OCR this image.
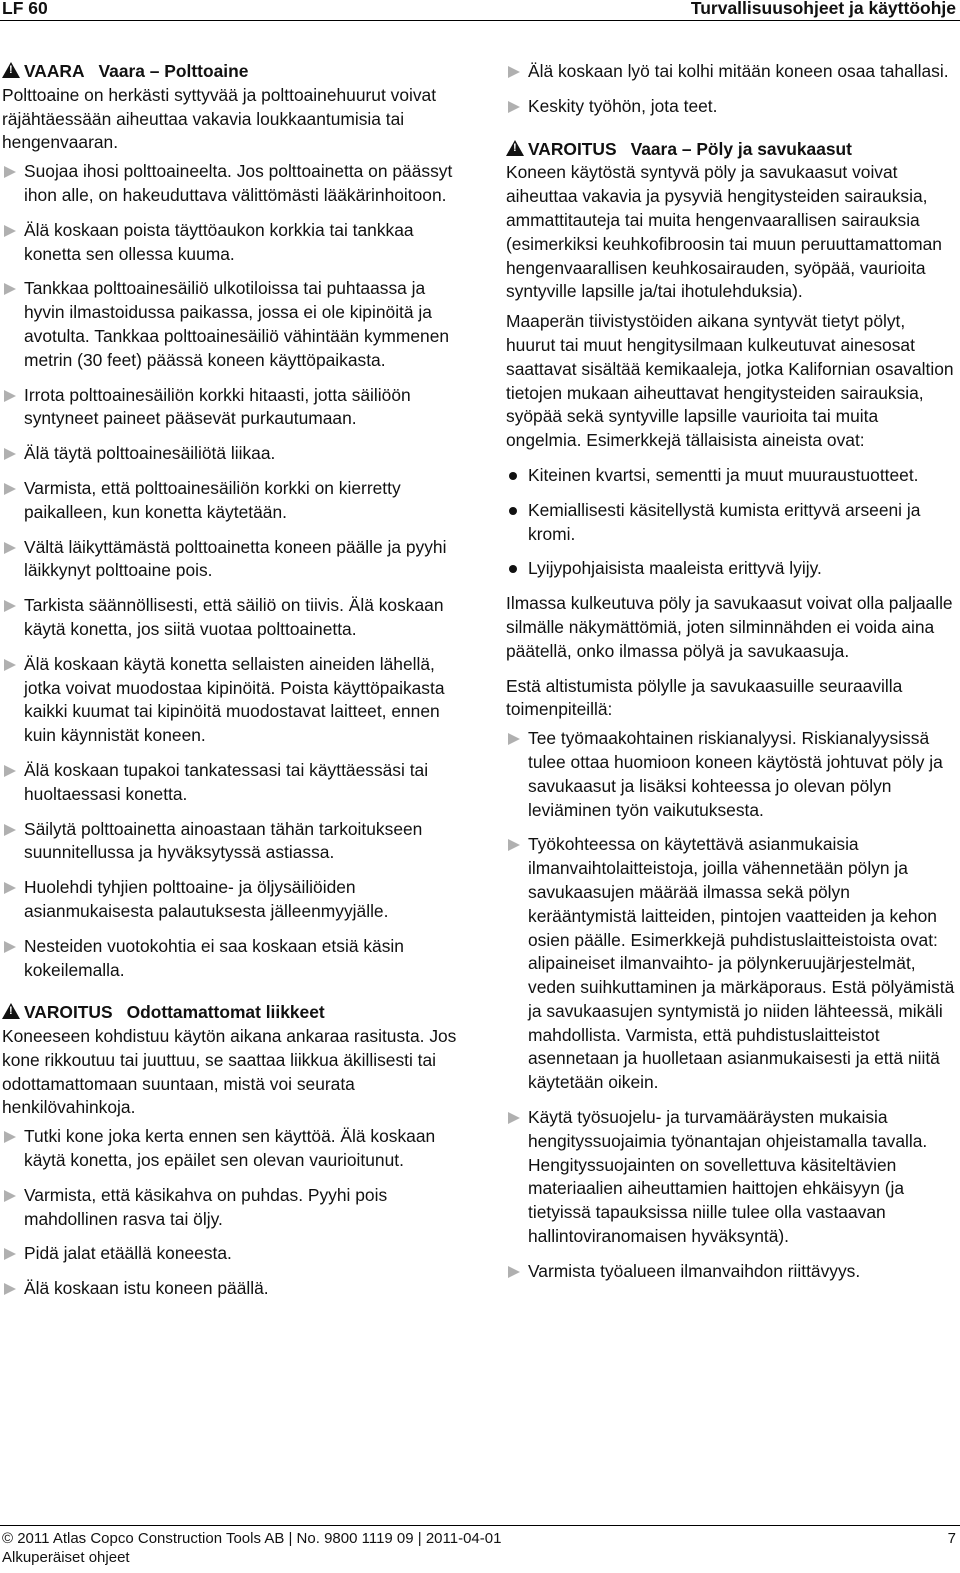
LF 60	Turvallisuusohjeet ja käyttöohje
!VAARA Vaara – Polttoaine

Polttoaine on herkästi syttyvää ja polttoainehuurut voivat räjähtäessään aiheuttaa vakavia loukkaantumisia tai hengenvaaran.

Suojaa ihosi polttoaineelta. Jos polttoainetta on päässyt ihon alle, on hakeuduttava välittömästi lääkärinhoitoon.
Älä koskaan poista täyttöaukon korkkia tai tankkaa konetta sen ollessa kuuma.
Tankkaa polttoainesäiliö ulkotiloissa tai puhtaassa ja hyvin ilmastoidussa paikassa, jossa ei ole kipinöitä ja avotulta. Tankkaa polttoainesäiliö vähintään kymmenen metrin (30 feet) päässä koneen käyttöpaikasta.
Irrota polttoainesäiliön korkki hitaasti, jotta säiliöön syntyneet paineet pääsevät purkautumaan.
Älä täytä polttoainesäiliötä liikaa.
Varmista, että polttoainesäiliön korkki on kierretty paikalleen, kun konetta käytetään.
Vältä läikyttämästä polttoainetta koneen päälle ja pyyhi läikkynyt polttoaine pois.
Tarkista säännöllisesti, että säiliö on tiivis. Älä koskaan käytä konetta, jos siitä vuotaa polttoainetta.
Älä koskaan käytä konetta sellaisten aineiden lähellä, jotka voivat muodostaa kipinöitä. Poista käyttöpaikasta kaikki kuumat tai kipinöitä muodostavat laitteet, ennen kuin käynnistät koneen.
Älä koskaan tupakoi tankatessasi tai käyttäessäsi tai huoltaessasi konetta.
Säilytä polttoainetta ainoastaan tähän tarkoitukseen suunnitellussa ja hyväksytyssä astiassa.
Huolehdi tyhjien polttoaine- ja öljysäiliöiden asianmukaisesta palautuksesta jälleenmyyjälle.
Nesteiden vuotokohtia ei saa koskaan etsiä käsin kokeilemalla.
!VAROITUS Odottamattomat liikkeet

Koneeseen kohdistuu käytön aikana ankaraa rasitusta. Jos kone rikkoutuu tai juuttuu, se saattaa liikkua äkillisesti tai odottamattomaan suuntaan, mistä voi seurata henkilövahinkoja.

Tutki kone joka kerta ennen sen käyttöä. Älä koskaan käytä konetta, jos epäilet sen olevan vaurioitunut.
Varmista, että käsikahva on puhdas. Pyyhi pois mahdollinen rasva tai öljy.
Pidä jalat etäällä koneesta.
Älä koskaan istu koneen päällä.
Älä koskaan lyö tai kolhi mitään koneen osaa tahallasi.
Keskity työhön, jota teet.
!VAROITUS Vaara – Pöly ja savukaasut

Koneen käytöstä syntyvä pöly ja savukaasut voivat aiheuttaa vakavia ja pysyviä hengitysteiden sairauksia, ammattitauteja tai muita hengenvaarallisen sairauksia (esimerkiksi keuhkofibroosin tai muun peruuttamattoman hengenvaarallisen keuhkosairauden, syöpää, vaurioita syntyville lapsille ja/tai ihotulehduksia).

Maaperän tiivistystöiden aikana syntyvät tietyt pölyt, huurut tai muut hengitysilmaan kulkeutuvat ainesosat saattavat sisältää kemikaaleja, jotka Kalifornian osavaltion tietojen mukaan aiheuttavat hengitysteiden sairauksia, syöpää sekä syntyville lapsille vaurioita tai muita ongelmia. Esimerkkejä tällaisista aineista ovat:

Kiteinen kvartsi, sementti ja muut muuraustuotteet.
Kemiallisesti käsitellystä kumista erittyvä arseeni ja kromi.
Lyijypohjaisista maaleista erittyvä lyijy.

Ilmassa kulkeutuva pöly ja savukaasut voivat olla paljaalle silmälle näkymättömiä, joten silminnähden ei voida aina päätellä, onko ilmassa pölyä ja savukaasuja.

Estä altistumista pölylle ja savukaasuille seuraavilla toimenpiteillä:

Tee työmaakohtainen riskianalyysi. Riskianalyysissä tulee ottaa huomioon koneen käytöstä johtuvat pöly ja savukaasut ja lisäksi kohteessa jo olevan pölyn leviäminen työn vaikutuksesta.
Työkohteessa on käytettävä asianmukaisia ilmanvaihtolaitteistoja, joilla vähennetään pölyn ja savukaasujen määrää ilmassa sekä pölyn kerääntymistä laitteiden, pintojen vaatteiden ja kehon osien päälle. Esimerkkejä puhdistuslaitteistoista ovat: alipaineiset ilmanvaihto- ja pölynkeruujärjestelmät, veden suihkuttaminen ja märkäporaus. Estä pölyämistä ja savukaasujen syntymistä jo niiden lähteessä, mikäli mahdollista. Varmista, että puhdistuslaitteistot asennetaan ja huolletaan asianmukaisesti ja että niitä käytetään oikein.
Käytä työsuojelu- ja turvamääräysten mukaisia hengityssuojaimia työnantajan ohjeistamalla tavalla. Hengityssuojainten on sovellettuva käsiteltävien materiaalien aiheuttamien haittojen ehkäisyyn (ja tietyissä tapauksissa niille tulee olla vastaavan hallintoviranomaisen hyväksyntä).
Varmista työalueen ilmanvaihdon riittävyys.
© 2011 Atlas Copco Construction Tools AB | No. 9800 1119 09 | 2011-04-01
Alkuperäiset ohjeet
7
